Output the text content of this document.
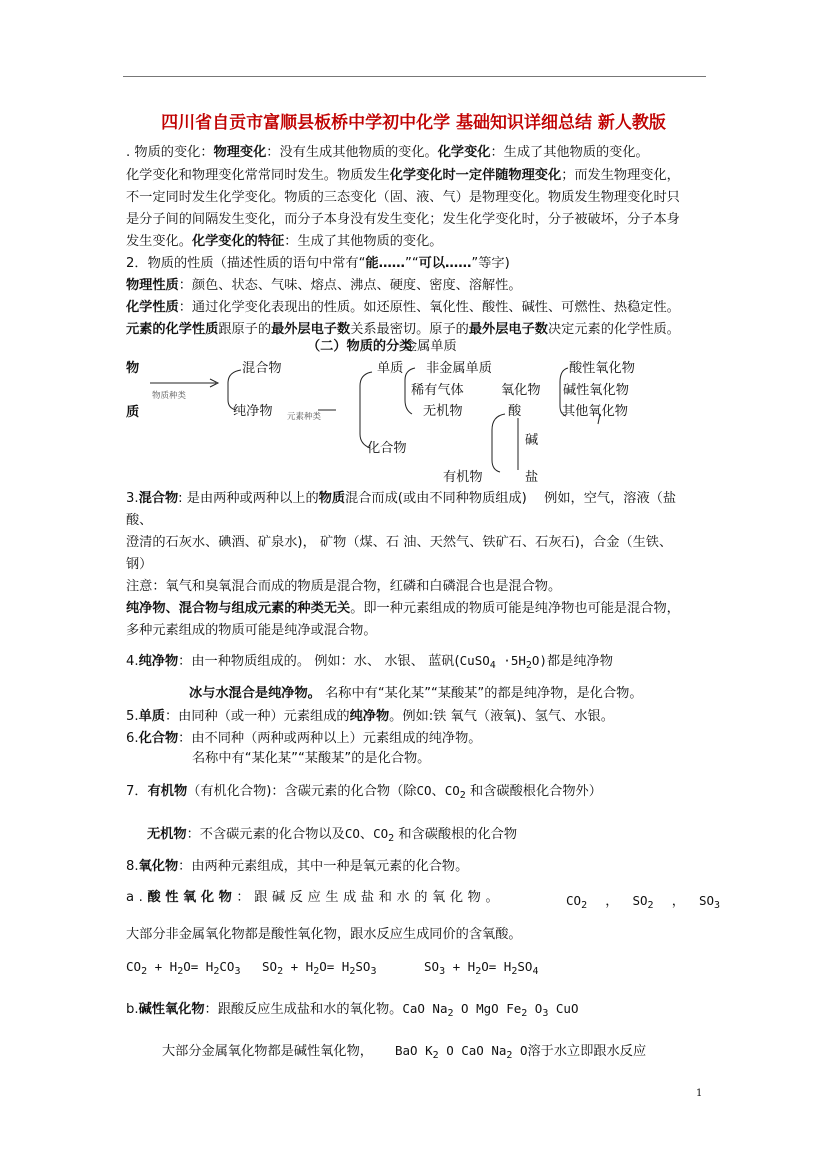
四川省自贡市富顺县板桥中学初中化学 基础知识详细总结 新人教版
. 物质的变化：物理变化：没有生成其他物质的变化。化学变化：生成了其他物质的变化。
化学变化和物理变化常常同时发生。物质发生化学变化时一定伴随物理变化；而发生物理变化，
不一定同时发生化学变化。物质的三态变化（固、液、气）是物理变化。物质发生物理变化时只
是分子间的间隔发生变化，而分子本身没有发生变化；发生化学变化时，分子被破坏，分子本身
发生变化。化学变化的特征：生成了其他物质的变化。
2．物质的性质（描述性质的语句中常有“能……”“可以……”等字)
物理性质：颜色、状态、气味、熔点、沸点、硬度、密度、溶解性。
化学性质：通过化学变化表现出的性质。如还原性、氧化性、酸性、碱性、可燃性、热稳定性。
元素的化学性质跟原子的最外层电子数关系最密切。原子的最外层电子数决定元素的化学性质。
（二）物质的分类
金属单质
物
质
物质种类
混合物
纯净物 元素种类
单质 非金属单质
稀有气体
化合物
无机物
有机物
氧化物
酸
碱
盐
酸性氧化物
碱性氧化物
其他氧化物
3.混合物: 是由两种或两种以上的物质混合而成(或由不同种物质组成)　 例如，空气，溶液（盐
酸、
澄清的石灰水、碘酒、矿泉水)， 矿物（煤、石 油、天然气、铁矿石、石灰石)，合金（生铁、
钢）
注意：氧气和臭氧混合而成的物质是混合物，红磷和白磷混合也是混合物。
纯净物、混合物与组成元素的种类无关。即一种元素组成的物质可能是纯净物也可能是混合物，
多种元素组成的物质可能是纯净或混合物。
4.纯净物：由一种物质组成的。 例如：水、 水银、 蓝矾(CuSO$_4$ $\cdot 5H_2O$)都是纯净物
冰与水混合是纯净物。 名称中有“某化某”“某酸某”的都是纯净物，是化合物。
5.单质：由同种（或一种）元素组成的纯净物。例如:铁 氧气（液氧)、氢气、水银。
6.化合物：由不同种（两种或两种以上）元素组成的纯净物。
名称中有“某化某”“某酸某”的是化合物。
7．有机物（有机化合物)：含碳元素的化合物（除CO、$CO_2$ 和含碳酸根化合物外）
无机物：不含碳元素的化合物以及CO、$CO_2$ 和含碳酸根的化合物
8.氧化物：由两种元素组成，其中一种是氧元素的化合物。
a.酸性氧化物：跟碱反应生成盐和水的氧化物。	$CO_2$ ， $SO_2$ ， $SO_3$
大部分非金属氧化物都是酸性氧化物，跟水反应生成同价的含氧酸。
$CO_2 + H_2O= H_2CO_3$ $SO_2 + H_2O= H_2SO_3$	$SO_3 + H_2O= H_2SO_4$
b.碱性氧化物：跟酸反应生成盐和水的氧化物。CaO $Na_2$ O MgO $Fe_2$ $O_3$ CuO
大部分金属氧化物都是碱性氧化物， BaO $K_2$ O CaO $Na_2$ O溶于水立即跟水反应
1
